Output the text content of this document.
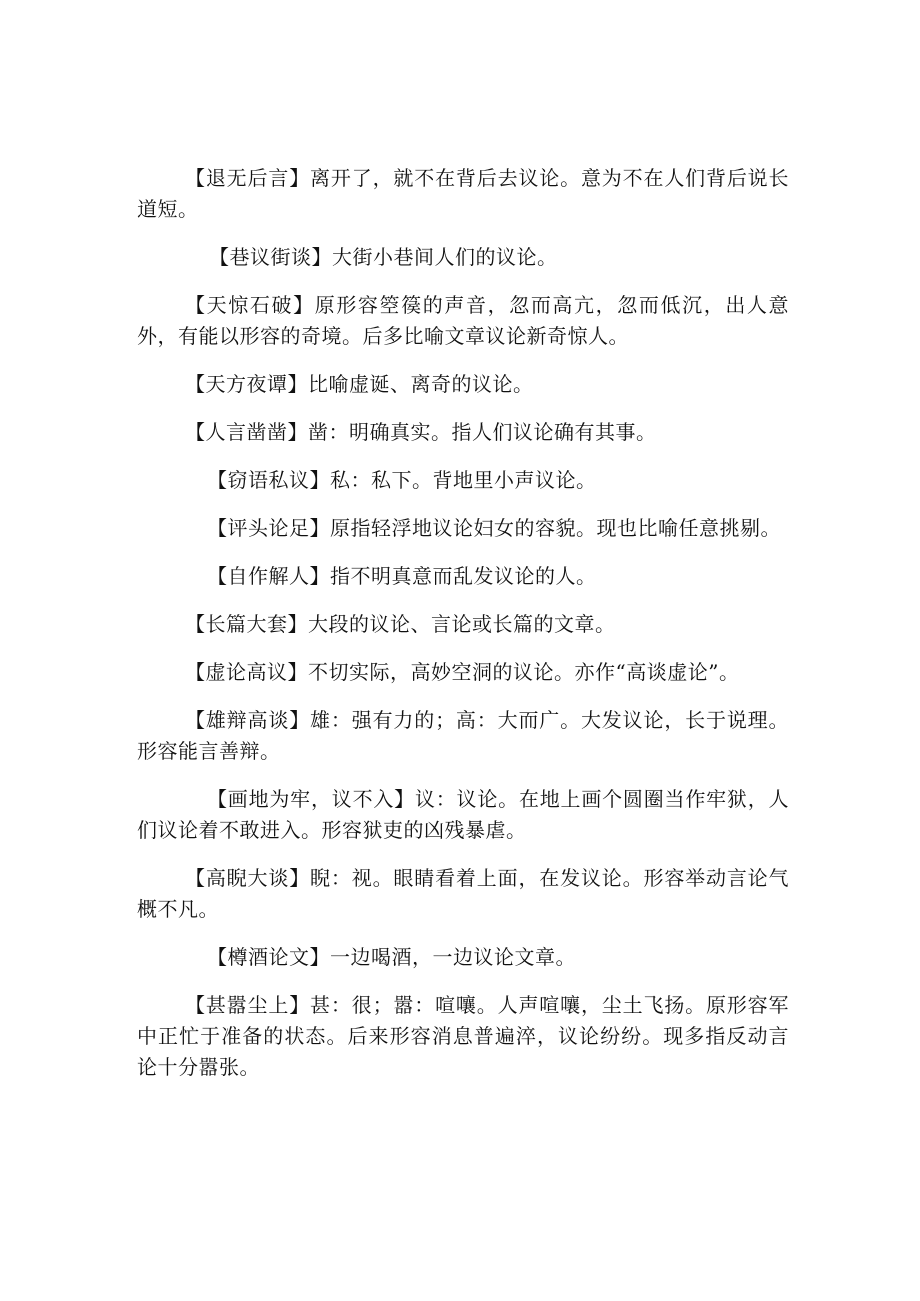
【退无后言】离开了，就不在背后去议论。意为不在人们背后说长道短。

【巷议街谈】大街小巷间人们的议论。

【天惊石破】原形容箜篌的声音，忽而高亢，忽而低沉，出人意外，有能以形容的奇境。后多比喻文章议论新奇惊人。

【天方夜谭】比喻虚诞、离奇的议论。

【人言凿凿】凿：明确真实。指人们议论确有其事。

【窃语私议】私：私下。背地里小声议论。

【评头论足】原指轻浮地议论妇女的容貌。现也比喻任意挑剔。

【自作解人】指不明真意而乱发议论的人。

【长篇大套】大段的议论、言论或长篇的文章。

【虚论高议】不切实际，高妙空洞的议论。亦作“高谈虚论”。

【雄辩高谈】雄：强有力的；高：大而广。大发议论，长于说理。形容能言善辩。

【画地为牢，议不入】议：议论。在地上画个圆圈当作牢狱，人们议论着不敢进入。形容狱吏的凶残暴虐。

【高睨大谈】睨：视。眼睛看着上面，在发议论。形容举动言论气概不凡。

【樽酒论文】一边喝酒，一边议论文章。

【甚嚣尘上】甚：很；嚣：喧嚷。人声喧嚷，尘土飞扬。原形容军中正忙于准备的状态。后来形容消息普遍淬，议论纷纷。现多指反动言论十分嚣张。
